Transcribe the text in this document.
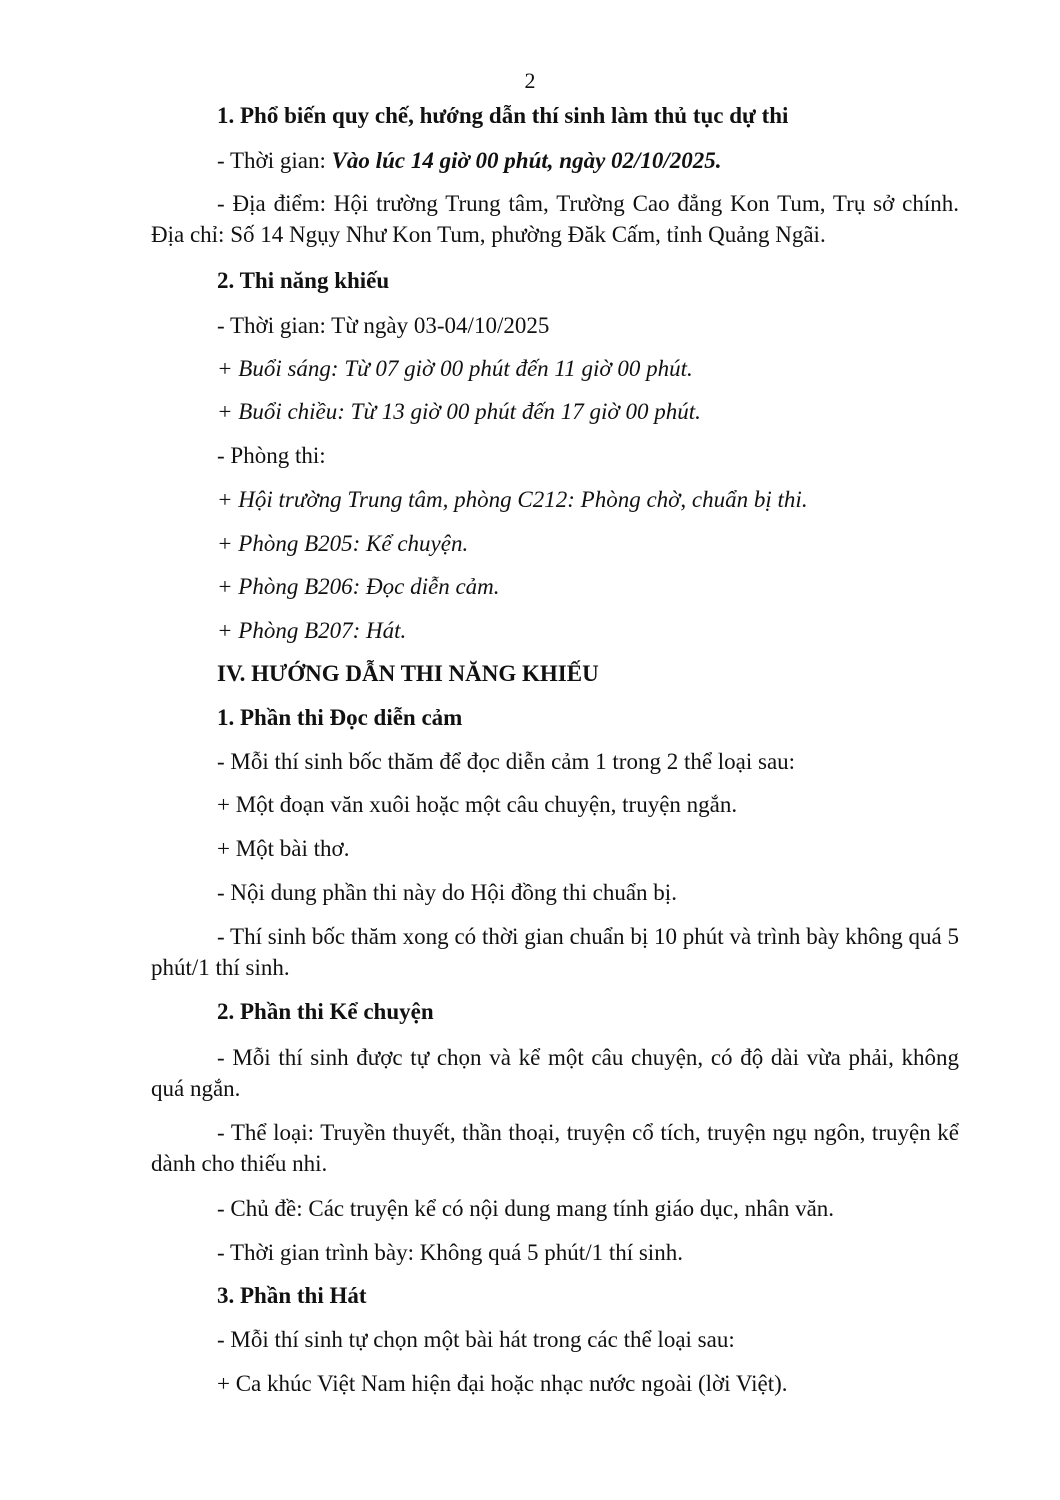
2
1. Phổ biến quy chế, hướng dẫn thí sinh làm thủ tục dự thi
- Thời gian: Vào lúc 14 giờ 00 phút, ngày 02/10/2025.
- Địa điểm: Hội trường Trung tâm, Trường Cao đẳng Kon Tum, Trụ sở chính. Địa chỉ: Số 14 Ngụy Như Kon Tum, phường Đăk Cấm, tỉnh Quảng Ngãi.
2. Thi năng khiếu
- Thời gian: Từ ngày 03-04/10/2025
+ Buổi sáng: Từ 07 giờ 00 phút đến 11 giờ 00 phút.
+ Buổi chiều: Từ 13 giờ 00 phút đến 17 giờ 00 phút.
- Phòng thi:
+ Hội trường Trung tâm, phòng C212: Phòng chờ, chuẩn bị thi.
+ Phòng B205: Kể chuyện.
+ Phòng B206: Đọc diễn cảm.
+ Phòng B207: Hát.
IV. HƯỚNG DẪN THI NĂNG KHIẾU
1. Phần thi Đọc diễn cảm
- Mỗi thí sinh bốc thăm để đọc diễn cảm 1 trong 2 thể loại sau:
+ Một đoạn văn xuôi hoặc một câu chuyện, truyện ngắn.
+ Một bài thơ.
- Nội dung phần thi này do Hội đồng thi chuẩn bị.
- Thí sinh bốc thăm xong có thời gian chuẩn bị 10 phút và trình bày không quá 5 phút/1 thí sinh.
2. Phần thi Kể chuyện
- Mỗi thí sinh được tự chọn và kể một câu chuyện, có độ dài vừa phải, không quá ngắn.
- Thể loại: Truyền thuyết, thần thoại, truyện cổ tích, truyện ngụ ngôn, truyện kể dành cho thiếu nhi.
- Chủ đề: Các truyện kể có nội dung mang tính giáo dục, nhân văn.
- Thời gian trình bày: Không quá 5 phút/1 thí sinh.
3. Phần thi Hát
- Mỗi thí sinh tự chọn một bài hát trong các thể loại sau:
+ Ca khúc Việt Nam hiện đại hoặc nhạc nước ngoài (lời Việt).
